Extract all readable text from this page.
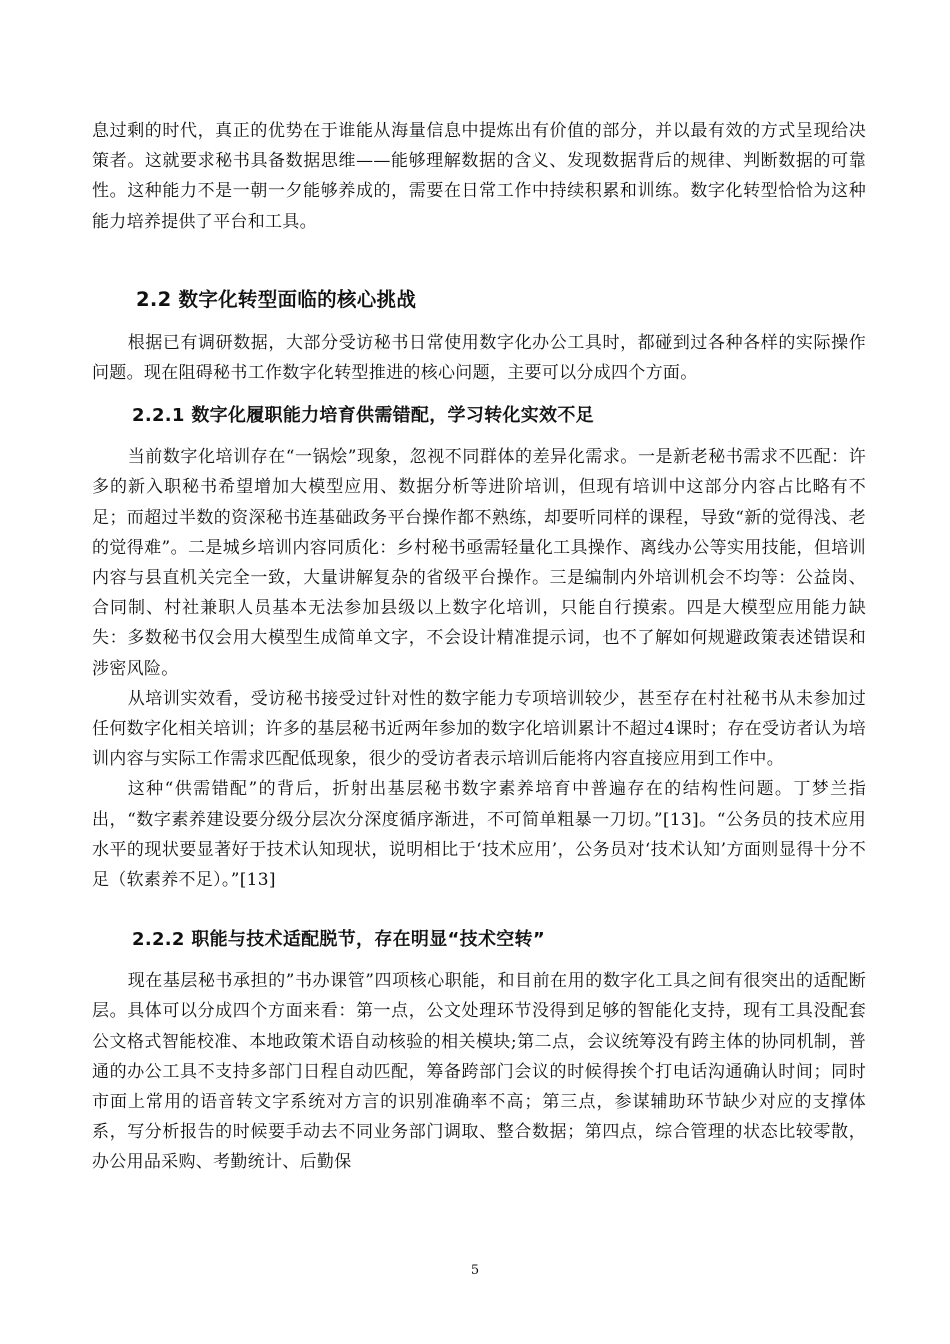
息过剩的时代，真正的优势在于谁能从海量信息中提炼出有价值的部分，并以最有效的方式呈现给决策者。这就要求秘书具备数据思维——能够理解数据的含义、发现数据背后的规律、判断数据的可靠性。这种能力不是一朝一夕能够养成的，需要在日常工作中持续积累和训练。数字化转型恰恰为这种能力培养提供了平台和工具。

2.2 数字化转型面临的核心挑战

根据已有调研数据，大部分受访秘书日常使用数字化办公工具时，都碰到过各种各样的实际操作问题。现在阻碍秘书工作数字化转型推进的核心问题，主要可以分成四个方面。

2.2.1 数字化履职能力培育供需错配，学习转化实效不足

当前数字化培训存在“一锅烩”现象，忽视不同群体的差异化需求。一是新老秘书需求不匹配：许多的新入职秘书希望增加大模型应用、数据分析等进阶培训，但现有培训中这部分内容占比略有不足；而超过半数的资深秘书连基础政务平台操作都不熟练，却要听同样的课程，导致“新的觉得浅、老的觉得难”。二是城乡培训内容同质化：乡村秘书亟需轻量化工具操作、离线办公等实用技能，但培训内容与县直机关完全一致，大量讲解复杂的省级平台操作。三是编制内外培训机会不均等：公益岗、合同制、村社兼职人员基本无法参加县级以上数字化培训，只能自行摸索。四是大模型应用能力缺失：多数秘书仅会用大模型生成简单文字，不会设计精准提示词，也不了解如何规避政策表述错误和涉密风险。

从培训实效看，受访秘书接受过针对性的数字能力专项培训较少，甚至存在村社秘书从未参加过任何数字化相关培训；许多的基层秘书近两年参加的数字化培训累计不超过4课时；存在受访者认为培训内容与实际工作需求匹配低现象，很少的受访者表示培训后能将内容直接应用到工作中。

这种“供需错配”的背后，折射出基层秘书数字素养培育中普遍存在的结构性问题。丁梦兰指出，“数字素养建设要分级分层次分深度循序渐进，不可简单粗暴一刀切。”[13]。“公务员的技术应用水平的现状要显著好于技术认知现状，说明相比于‘技术应用’，公务员对‘技术认知’方面则显得十分不足（软素养不足）。”[13]

2.2.2 职能与技术适配脱节，存在明显“技术空转”

现在基层秘书承担的”书办课管”四项核心职能，和目前在用的数字化工具之间有很突出的适配断层。具体可以分成四个方面来看：第一点，公文处理环节没得到足够的智能化支持，现有工具没配套公文格式智能校准、本地政策术语自动核验的相关模块;第二点，会议统筹没有跨主体的协同机制，普通的办公工具不支持多部门日程自动匹配，筹备跨部门会议的时候得挨个打电话沟通确认时间；同时市面上常用的语音转文字系统对方言的识别准确率不高；第三点，参谋辅助环节缺少对应的支撑体系，写分析报告的时候要手动去不同业务部门调取、整合数据；第四点，综合管理的状态比较零散，办公用品采购、考勤统计、后勤保

5
